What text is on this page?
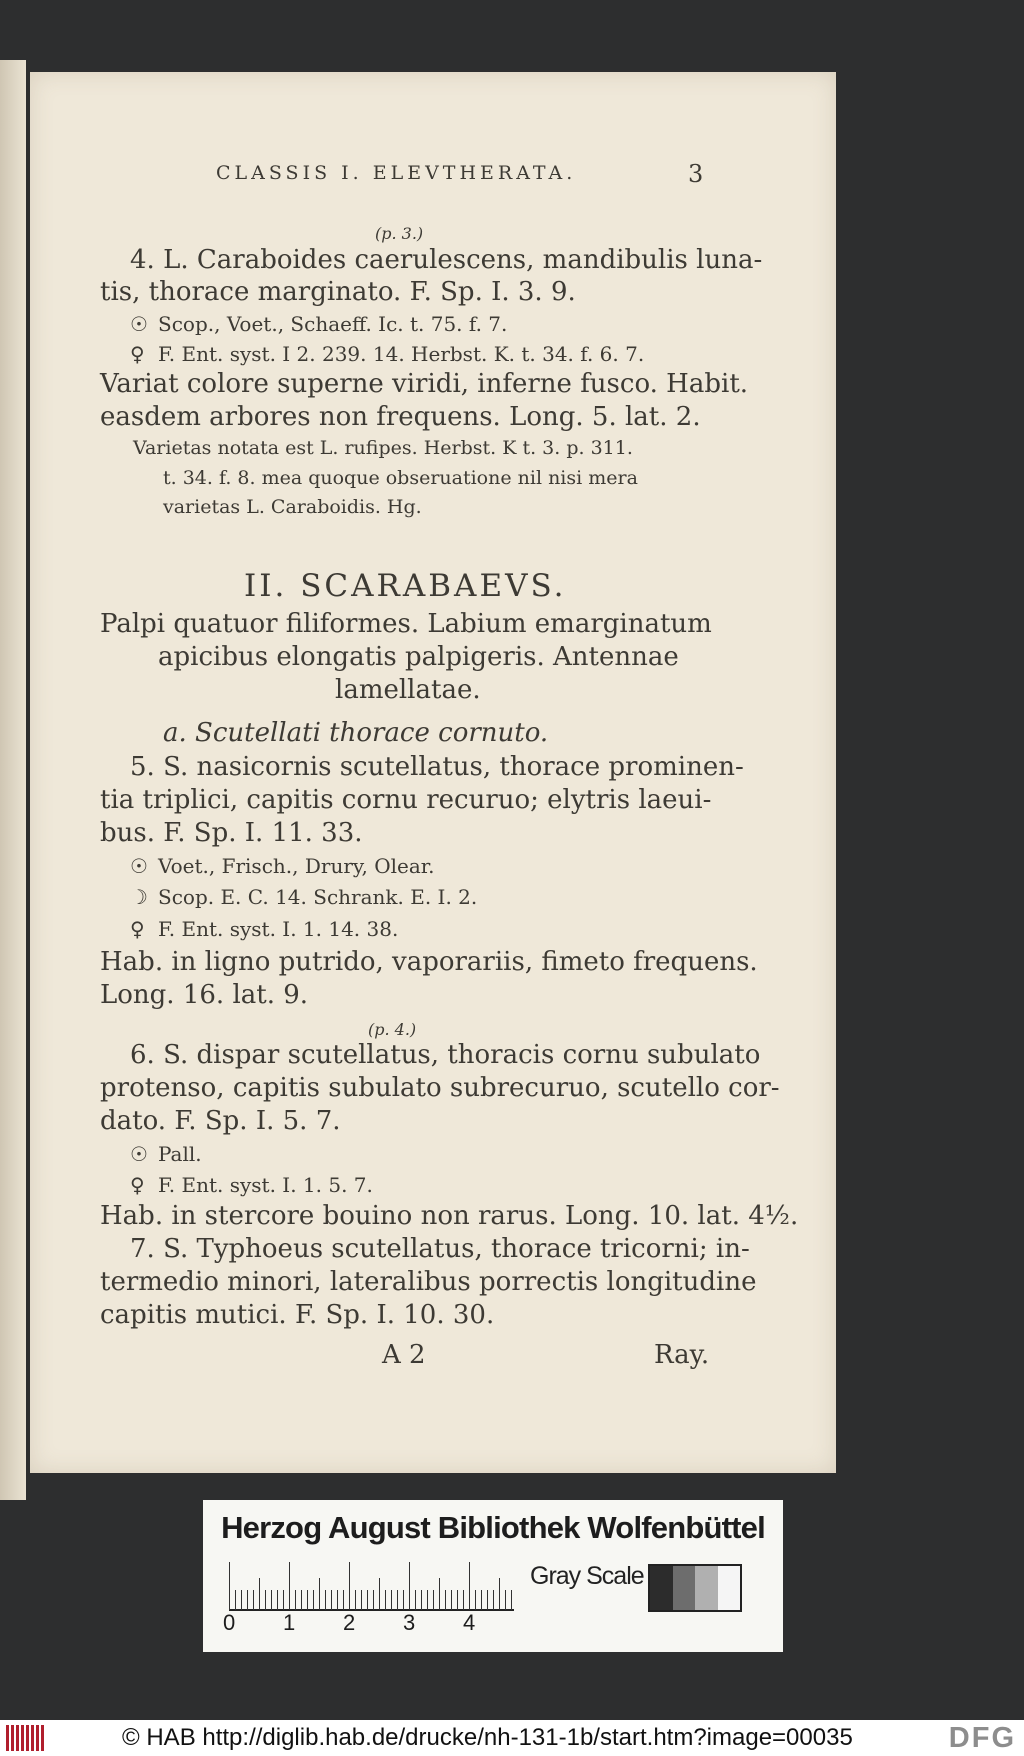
CLASSIS I. ELEVTHERATA.	3
(p. 3.)
4. L. Caraboides caerulescens, mandibulis luna-
tis, thorace marginato. F. Sp. I. 3. 9.
☉ Scop., Voet., Schaeff. Ic. t. 75. f. 7.
♀ F. Ent. syst. I 2. 239. 14. Herbst. K. t. 34. f. 6. 7.
Variat colore superne viridi, inferne fusco. Habit.
easdem arbores non frequens. Long. 5. lat. 2.
Varietas notata est L. rufipes. Herbst. K t. 3. p. 311.
t. 34. f. 8. mea quoque obseruatione nil nisi mera
varietas L. Caraboidis. Hg.
II. SCARABAEVS.
Palpi quatuor filiformes. Labium emarginatum
apicibus elongatis palpigeris. Antennae
lamellatae.
a. Scutellati thorace cornuto.
5. S. nasicornis scutellatus, thorace prominen-
tia triplici, capitis cornu recuruo; elytris laeui-
bus. F. Sp. I. 11. 33.
☉ Voet., Frisch., Drury, Olear.
☽ Scop. E. C. 14. Schrank. E. I. 2.
♀ F. Ent. syst. I. 1. 14. 38.
Hab. in ligno putrido, vaporariis, fimeto frequens.
Long. 16. lat. 9.
(p. 4.)
6. S. dispar scutellatus, thoracis cornu subulato
protenso, capitis subulato subrecuruo, scutello cor-
dato. F. Sp. I. 5. 7.
☉ Pall.
♀ F. Ent. syst. I. 1. 5. 7.
Hab. in stercore bouino non rarus. Long. 10. lat. 4½.
7. S. Typhoeus scutellatus, thorace tricorni; in-
termedio minori, lateralibus porrectis longitudine
capitis mutici. F. Sp. I. 10. 30.
A 2	Ray.
Herzog August Bibliothek Wolfenbüttel
0 1 2 3 4
Gray Scale
© HAB http://diglib.hab.de/drucke/nh-131-1b/start.htm?image=00035	DFG
